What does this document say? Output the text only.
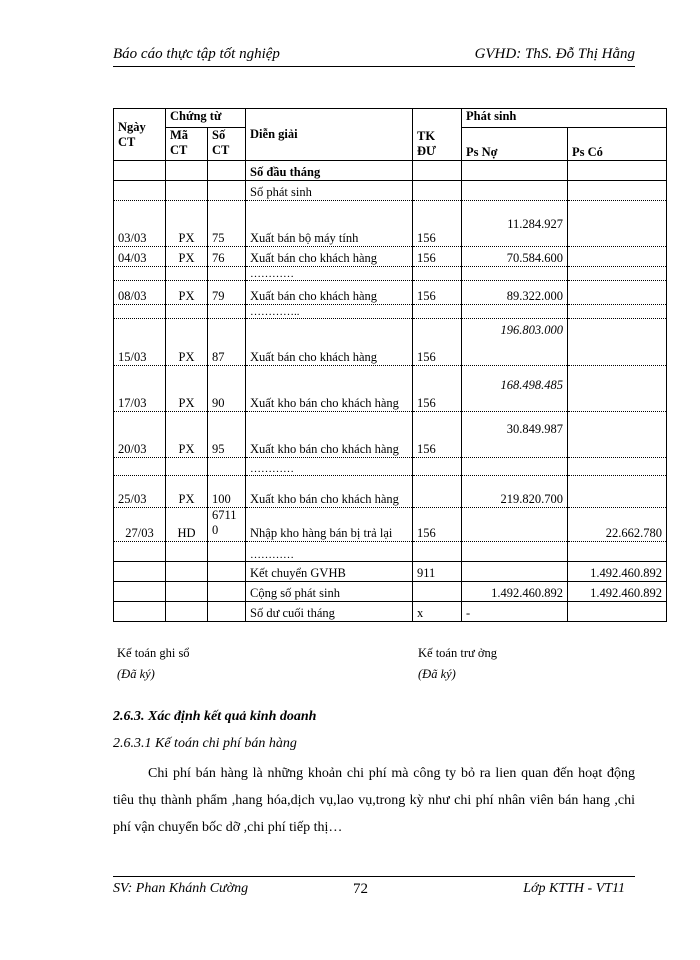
Báo cáo thực tập tốt nghiệp	GVHD: ThS. Đỗ Thị Hằng
Ngày CT	Chứng từ		Diễn giải	TK ĐƯ	Phát sinh	
	Mã CT	Số CT			Ps Nợ	Ps Có
			Số đầu tháng			
			Số phát sinh			
03/03	PX	75	Xuất bán bộ máy tính	156	11.284.927	
04/03	PX	76	Xuất bán cho khách hàng	156	70.584.600	
			…………			
08/03	PX	79	Xuất bán cho khách hàng	156	89.322.000	
			…………..			
15/03	PX	87	Xuất bán cho khách hàng	156	196.803.000	
17/03	PX	90	Xuất kho bán cho khách hàng	156	168.498.485	
20/03	PX	95	Xuất kho bán cho khách hàng	156	30.849.987	
			…………			
25/03	PX	100	Xuất kho bán cho khách hàng		219.820.700	
27/03	HD	67110	Nhập kho hàng bán bị trả lại	156		22.662.780
			…………			
			Kết chuyển GVHB	911		1.492.460.892
			Cộng số phát sinh		1.492.460.892	1.492.460.892
			Số dư cuối tháng	x	-	
Kế toán ghi sổ
(Đã ký)
Kế toán trư ởng
(Đã ký)
2.6.3. Xác định kết quả kinh doanh
2.6.3.1 Kế toán chi phí bán hàng
Chi phí bán hàng là những khoản chi phí mà công ty bỏ ra lien quan đến hoạt động tiêu thụ thành phẩm ,hang hóa,dịch vụ,lao vụ,trong kỳ như chi phí nhân viên bán hang ,chi phí vận chuyển bốc dỡ ,chi phí tiếp thị…
SV: Phan Khánh Cường	72	Lớp KTTH - VT11
